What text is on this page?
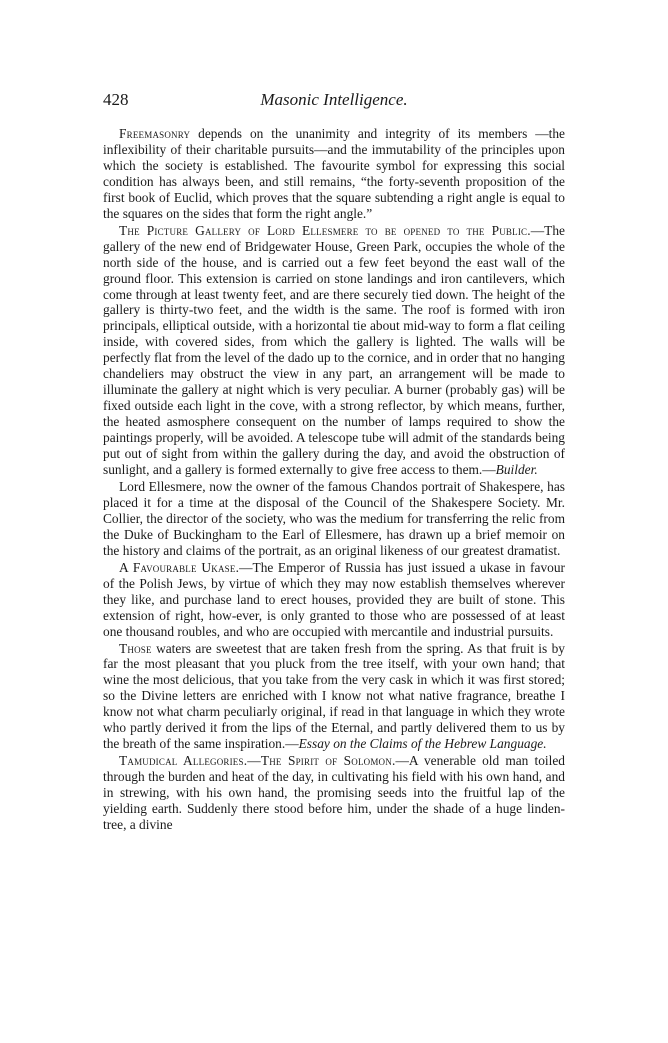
428	Masonic Intelligence.

Freemasonry depends on the unanimity and integrity of its members —the inflexibility of their charitable pursuits—and the immutability of the principles upon which the society is established. The favourite symbol for expressing this social condition has always been, and still remains, “the forty-seventh proposition of the first book of Euclid, which proves that the square subtending a right angle is equal to the squares on the sides that form the right angle.”

The Picture Gallery of Lord Ellesmere to be opened to the Public.—The gallery of the new end of Bridgewater House, Green Park, occupies the whole of the north side of the house, and is carried out a few feet beyond the east wall of the ground floor. This extension is carried on stone landings and iron cantilevers, which come through at least twenty feet, and are there securely tied down. The height of the gallery is thirty-two feet, and the width is the same. The roof is formed with iron principals, elliptical outside, with a horizontal tie about mid-way to form a flat ceiling inside, with covered sides, from which the gallery is lighted. The walls will be perfectly flat from the level of the dado up to the cornice, and in order that no hanging chandeliers may obstruct the view in any part, an arrangement will be made to illuminate the gallery at night which is very peculiar. A burner (probably gas) will be fixed outside each light in the cove, with a strong reflector, by which means, further, the heated asmosphere consequent on the number of lamps required to show the paintings properly, will be avoided. A telescope tube will admit of the standards being put out of sight from within the gallery during the day, and avoid the obstruction of sunlight, and a gallery is formed externally to give free access to them.—Builder.

Lord Ellesmere, now the owner of the famous Chandos portrait of Shakespere, has placed it for a time at the disposal of the Council of the Shakespere Society. Mr. Collier, the director of the society, who was the medium for transferring the relic from the Duke of Buckingham to the Earl of Ellesmere, has drawn up a brief memoir on the history and claims of the portrait, as an original likeness of our greatest dramatist.

A Favourable Ukase.—The Emperor of Russia has just issued a ukase in favour of the Polish Jews, by virtue of which they may now establish themselves wherever they like, and purchase land to erect houses, provided they are built of stone. This extension of right, how-ever, is only granted to those who are possessed of at least one thousand roubles, and who are occupied with mercantile and industrial pursuits.

Those waters are sweetest that are taken fresh from the spring. As that fruit is by far the most pleasant that you pluck from the tree itself, with your own hand; that wine the most delicious, that you take from the very cask in which it was first stored; so the Divine letters are enriched with I know not what native fragrance, breathe I know not what charm peculiarly original, if read in that language in which they wrote who partly derived it from the lips of the Eternal, and partly delivered them to us by the breath of the same inspiration.—Essay on the Claims of the Hebrew Language.

Tamudical Allegories.—The Spirit of Solomon.—A venerable old man toiled through the burden and heat of the day, in cultivating his field with his own hand, and in strewing, with his own hand, the promising seeds into the fruitful lap of the yielding earth. Suddenly there stood before him, under the shade of a huge linden-tree, a divine
